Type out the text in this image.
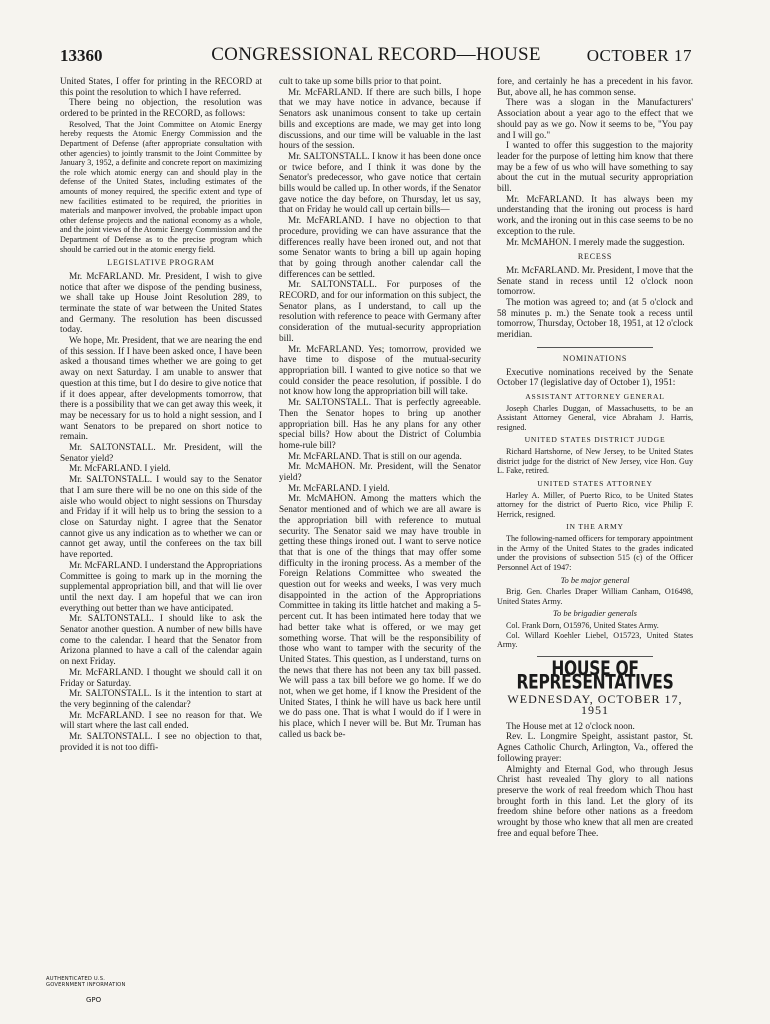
13360	CONGRESSIONAL RECORD—HOUSE	OCTOBER 17

United States, I offer for printing in the RECORD at this point the resolution to which I have referred.

There being no objection, the resolution was ordered to be printed in the RECORD, as follows:

Resolved, That the Joint Committee on Atomic Energy hereby requests the Atomic Energy Commission and the Department of Defense (after appropriate consultation with other agencies) to jointly transmit to the Joint Committee by January 3, 1952, a definite and concrete report on maximizing the role which atomic energy can and should play in the defense of the United States, including estimates of the amounts of money required, the specific extent and type of new facilities estimated to be required, the priorities in materials and manpower involved, the probable impact upon other defense projects and the national economy as a whole, and the joint views of the Atomic Energy Commission and the Department of Defense as to the precise program which should be carried out in the atomic energy field.

LEGISLATIVE PROGRAM

Mr. McFARLAND. Mr. President, I wish to give notice that after we dispose of the pending business, we shall take up House Joint Resolution 289, to terminate the state of war between the United States and Germany. The resolution has been discussed today.

We hope, Mr. President, that we are nearing the end of this session. If I have been asked once, I have been asked a thousand times whether we are going to get away on next Saturday. I am unable to answer that question at this time, but I do desire to give notice that if it does appear, after developments tomorrow, that there is a possibility that we can get away this week, it may be necessary for us to hold a night session, and I want Senators to be prepared on short notice to remain.

Mr. SALTONSTALL. Mr. President, will the Senator yield?

Mr. McFARLAND. I yield.

Mr. SALTONSTALL. I would say to the Senator that I am sure there will be no one on this side of the aisle who would object to night sessions on Thursday and Friday if it will help us to bring the session to a close on Saturday night. I agree that the Senator cannot give us any indication as to whether we can or cannot get away, until the conferees on the tax bill have reported.

Mr. McFARLAND. I understand the Appropriations Committee is going to mark up in the morning the supplemental appropriation bill, and that will lie over until the next day. I am hopeful that we can iron everything out better than we have anticipated.

Mr. SALTONSTALL. I should like to ask the Senator another question. A number of new bills have come to the calendar. I heard that the Senator from Arizona planned to have a call of the calendar again on next Friday.

Mr. McFARLAND. I thought we should call it on Friday or Saturday.

Mr. SALTONSTALL. Is it the intention to start at the very beginning of the calendar?

Mr. McFARLAND. I see no reason for that. We will start where the last call ended.

Mr. SALTONSTALL. I see no objection to that, provided it is not too diffi-

cult to take up some bills prior to that point.

Mr. McFARLAND. If there are such bills, I hope that we may have notice in advance, because if Senators ask unanimous consent to take up certain bills and exceptions are made, we may get into long discussions, and our time will be valuable in the last hours of the session.

Mr. SALTONSTALL. I know it has been done once or twice before, and I think it was done by the Senator's predecessor, who gave notice that certain bills would be called up. In other words, if the Senator gave notice the day before, on Thursday, let us say, that on Friday he would call up certain bills—

Mr. McFARLAND. I have no objection to that procedure, providing we can have assurance that the differences really have been ironed out, and not that some Senator wants to bring a bill up again hoping that by going through another calendar call the differences can be settled.

Mr. SALTONSTALL. For purposes of the RECORD, and for our information on this subject, the Senator plans, as I understand, to call up the resolution with reference to peace with Germany after consideration of the mutual-security appropriation bill.

Mr. McFARLAND. Yes; tomorrow, provided we have time to dispose of the mutual-security appropriation bill. I wanted to give notice so that we could consider the peace resolution, if possible. I do not know how long the appropriation bill will take.

Mr. SALTONSTALL. That is perfectly agreeable. Then the Senator hopes to bring up another appropriation bill. Has he any plans for any other special bills? How about the District of Columbia home-rule bill?

Mr. McFARLAND. That is still on our agenda.

Mr. McMAHON. Mr. President, will the Senator yield?

Mr. McFARLAND. I yield.

Mr. McMAHON. Among the matters which the Senator mentioned and of which we are all aware is the appropriation bill with reference to mutual security. The Senator said we may have trouble in getting these things ironed out. I want to serve notice that that is one of the things that may offer some difficulty in the ironing process. As a member of the Foreign Relations Committee who sweated the question out for weeks and weeks, I was very much disappointed in the action of the Appropriations Committee in taking its little hatchet and making a 5-percent cut. It has been intimated here today that we had better take what is offered, or we may get something worse. That will be the responsibility of those who want to tamper with the security of the United States. This question, as I understand, turns on the news that there has not been any tax bill passed. We will pass a tax bill before we go home. If we do not, when we get home, if I know the President of the United States, I think he will have us back here until we do pass one. That is what I would do if I were in his place, which I never will be. But Mr. Truman has called us back be-

fore, and certainly he has a precedent in his favor. But, above all, he has common sense.

There was a slogan in the Manufacturers' Association about a year ago to the effect that we should pay as we go. Now it seems to be, "You pay and I will go."

I wanted to offer this suggestion to the majority leader for the purpose of letting him know that there may be a few of us who will have something to say about the cut in the mutual security appropriation bill.

Mr. McFARLAND. It has always been my understanding that the ironing out process is hard work, and the ironing out in this case seems to be no exception to the rule.

Mr. McMAHON. I merely made the suggestion.

RECESS

Mr. McFARLAND. Mr. President, I move that the Senate stand in recess until 12 o'clock noon tomorrow.

The motion was agreed to; and (at 5 o'clock and 58 minutes p. m.) the Senate took a recess until tomorrow, Thursday, October 18, 1951, at 12 o'clock meridian.

NOMINATIONS

Executive nominations received by the Senate October 17 (legislative day of October 1), 1951:

ASSISTANT ATTORNEY GENERAL

Joseph Charles Duggan, of Massachusetts, to be an Assistant Attorney General, vice Abraham J. Harris, resigned.

UNITED STATES DISTRICT JUDGE

Richard Hartshorne, of New Jersey, to be United States district judge for the district of New Jersey, vice Hon. Guy L. Fake, retired.

UNITED STATES ATTORNEY

Harley A. Miller, of Puerto Rico, to be United States attorney for the district of Puerto Rico, vice Philip F. Herrick, resigned.

IN THE ARMY

The following-named officers for temporary appointment in the Army of the United States to the grades indicated under the provisions of subsection 515 (c) of the Officer Personnel Act of 1947:

To be major general

Brig. Gen. Charles Draper William Canham, O16498, United States Army.

To be brigadier generals

Col. Frank Dorn, O15976, United States Army.

Col. Willard Koehler Liebel, O15723, United States Army.

HOUSE OF REPRESENTATIVES
WEDNESDAY, OCTOBER 17, 1951

The House met at 12 o'clock noon.

Rev. L. Longmire Speight, assistant pastor, St. Agnes Catholic Church, Arlington, Va., offered the following prayer:

Almighty and Eternal God, who through Jesus Christ hast revealed Thy glory to all nations preserve the work of real freedom which Thou hast brought forth in this land. Let the glory of its freedom shine before other nations as a freedom wrought by those who knew that all men are created free and equal before Thee.

AUTHENTICATED U.S. GOVERNMENT INFORMATION
GPO
